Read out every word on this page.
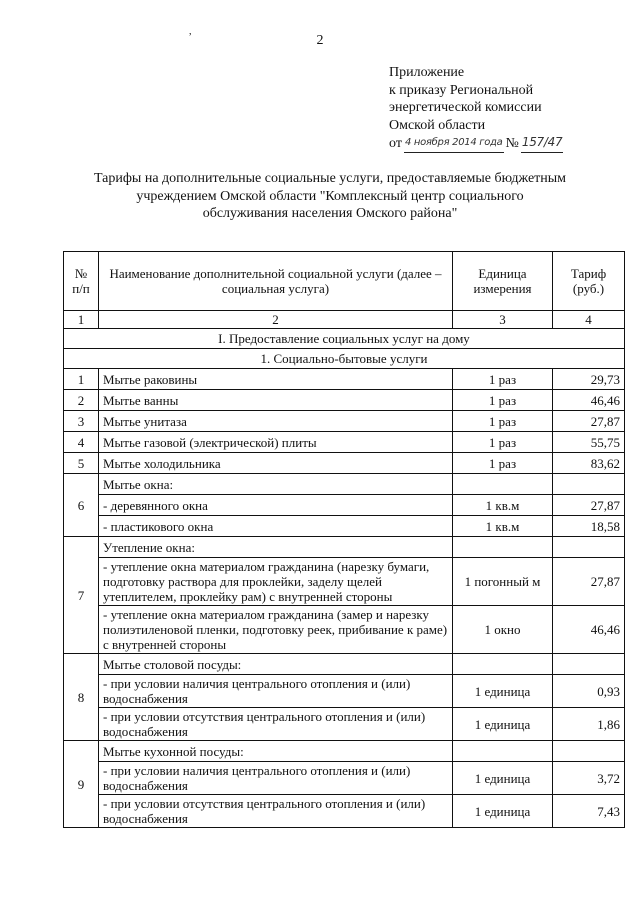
2
,
Приложение
к приказу Региональной
энергетической комиссии
Омской области
от 4 ноября 2014 года № 157/47
Тарифы на дополнительные социальные услуги, предоставляемые бюджетным
учреждением Омской области "Комплексный центр социального
обслуживания населения Омского района"
№ п/п	Наименование дополнительной социальной услуги (далее – социальная услуга)	Единица измерения	Тариф (руб.)
1	2	3	4
I. Предоставление социальных услуг на дому			
1. Социально-бытовые услуги			
1	Мытье раковины	1 раз	29,73
2	Мытье ванны	1 раз	46,46
3	Мытье унитаза	1 раз	27,87
4	Мытье газовой (электрической) плиты	1 раз	55,75
5	Мытье холодильника	1 раз	83,62
6	Мытье окна:		
	- деревянного окна	1 кв.м	27,87
	- пластикового окна	1 кв.м	18,58
7	Утепление окна:		
	- утепление окна материалом гражданина (нарезку бумаги, подготовку раствора для проклейки, заделу щелей утеплителем, проклейку рам) с внутренней стороны	1 погонный м	27,87
	- утепление окна материалом гражданина (замер и нарезку полиэтиленовой пленки, подготовку реек, прибивание к раме) с внутренней стороны	1 окно	46,46
8	Мытье столовой посуды:		
	- при условии наличия центрального отопления и (или) водоснабжения	1 единица	0,93
	- при условии отсутствия центрального отопления и (или) водоснабжения	1 единица	1,86
9	Мытье кухонной посуды:		
	- при условии наличия центрального отопления и (или) водоснабжения	1 единица	3,72
	- при условии отсутствия центрального отопления и (или) водоснабжения	1 единица	7,43
